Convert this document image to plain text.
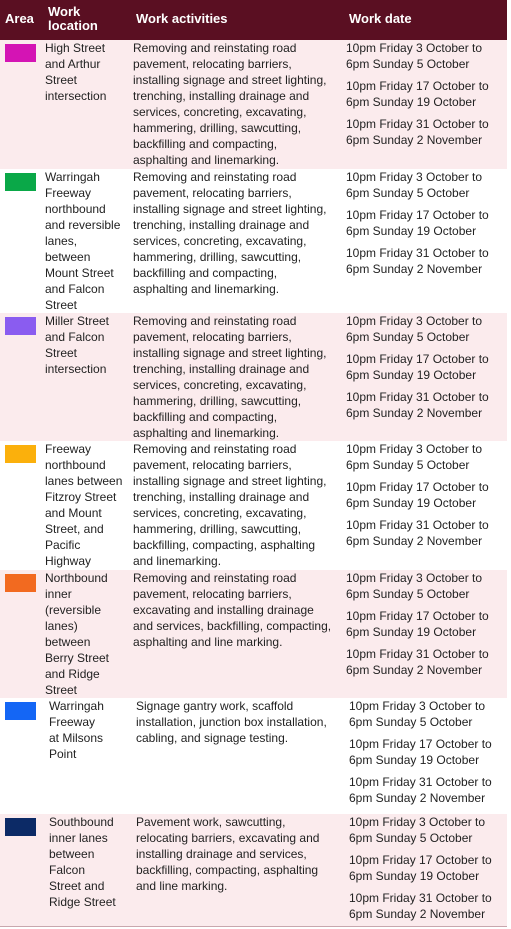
Area Work location	Work activities	Work date
High Street
and Arthur
Street
intersection
Removing and reinstating road
pavement, relocating barriers,
installing signage and street lighting,
trenching, installing drainage and
services, concreting, excavating,
hammering, drilling, sawcutting,
backfilling and compacting,
asphalting and linemarking.
10pm Friday 3 October to
6pm Sunday 5 October
10pm Friday 17 October to
6pm Sunday 19 October
10pm Friday 31 October to
6pm Sunday 2 November
Warringah
Freeway
northbound
and reversible
lanes,
between
Mount Street
and Falcon
Street
Removing and reinstating road
pavement, relocating barriers,
installing signage and street lighting,
trenching, installing drainage and
services, concreting, excavating,
hammering, drilling, sawcutting,
backfilling and compacting,
asphalting and linemarking.
10pm Friday 3 October to
6pm Sunday 5 October
10pm Friday 17 October to
6pm Sunday 19 October
10pm Friday 31 October to
6pm Sunday 2 November
Miller Street
and Falcon
Street
intersection
Removing and reinstating road
pavement, relocating barriers,
installing signage and street lighting,
trenching, installing drainage and
services, concreting, excavating,
hammering, drilling, sawcutting,
backfilling and compacting,
asphalting and linemarking.
10pm Friday 3 October to
6pm Sunday 5 October
10pm Friday 17 October to
6pm Sunday 19 October
10pm Friday 31 October to
6pm Sunday 2 November
Freeway
northbound
lanes between
Fitzroy Street
and Mount
Street, and
Pacific
Highway
Removing and reinstating road
pavement, relocating barriers,
installing signage and street lighting,
trenching, installing drainage and
services, concreting, excavating,
hammering, drilling, sawcutting,
backfilling, compacting, asphalting
and linemarking.
10pm Friday 3 October to
6pm Sunday 5 October
10pm Friday 17 October to
6pm Sunday 19 October
10pm Friday 31 October to
6pm Sunday 2 November
Northbound
inner
(reversible
lanes)
between
Berry Street
and Ridge
Street
Removing and reinstating road
pavement, relocating barriers,
excavating and installing drainage
and services, backfilling, compacting,
asphalting and line marking.
10pm Friday 3 October to
6pm Sunday 5 October
10pm Friday 17 October to
6pm Sunday 19 October
10pm Friday 31 October to
6pm Sunday 2 November
Warringah
Freeway
at Milsons
Point
Signage gantry work, scaffold
installation, junction box installation,
cabling, and signage testing.
10pm Friday 3 October to
6pm Sunday 5 October
10pm Friday 17 October to
6pm Sunday 19 October
10pm Friday 31 October to
6pm Sunday 2 November
Southbound
inner lanes
between
Falcon
Street and
Ridge Street
Pavement work, sawcutting,
relocating barriers, excavating and
installing drainage and services,
backfilling, compacting, asphalting
and line marking.
10pm Friday 3 October to
6pm Sunday 5 October
10pm Friday 17 October to
6pm Sunday 19 October
10pm Friday 31 October to
6pm Sunday 2 November
